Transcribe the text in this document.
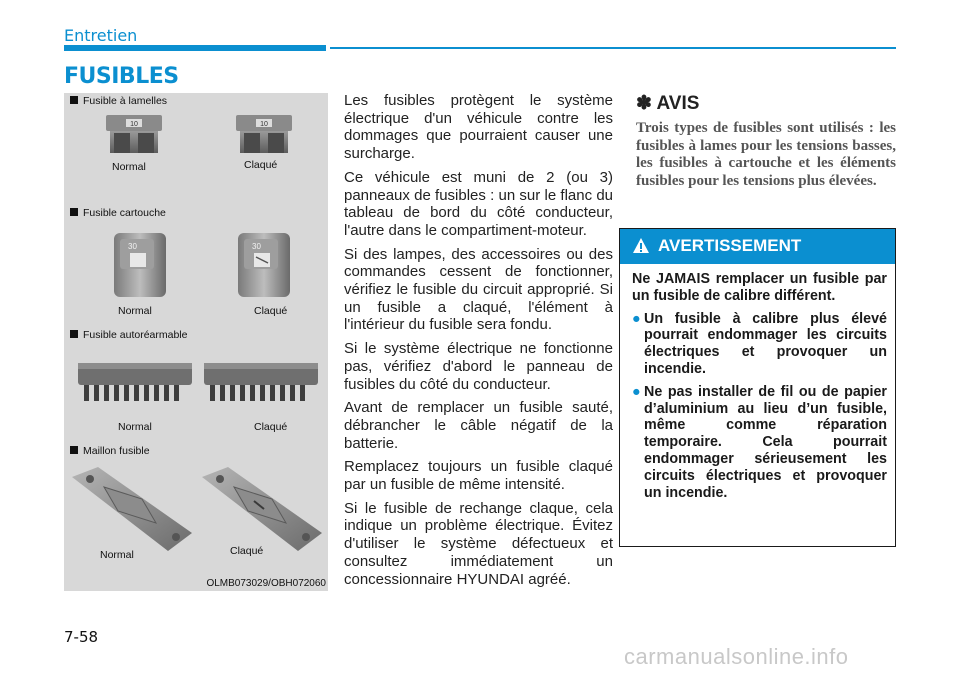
Entretien
FUSIBLES
Fusible à lamelles
10
Normal
10
Claqué
Fusible cartouche
30
Normal
30
Claqué
Fusible autoréarmable
Normal	Claqué
Maillon fusible
Normal	Claqué
OLMB073029/OBH072060

Les fusibles protègent le système électrique d'un véhicule contre les dommages que pourraient causer une surcharge.

Ce véhicule est muni de 2 (ou 3) panneaux de fusibles : un sur le flanc du tableau de bord du côté conducteur, l'autre dans le compartiment-moteur.

Si des lampes, des accessoires ou des commandes cessent de fonctionner, vérifiez le fusible du circuit approprié. Si un fusible a claqué, l'élément à l'intérieur du fusible sera fondu.

Si le système électrique ne fonctionne pas, vérifiez d'abord le panneau de fusibles du côté du conducteur.

Avant de remplacer un fusible sauté, débrancher le câble négatif de la batterie.

Remplacez toujours un fusible claqué par un fusible de même intensité.

Si le fusible de rechange claque, cela indique un problème électrique. Évitez d'utiliser le système défectueux et consultez immédiatement un concessionnaire HYUNDAI agréé.

✽ AVIS
Trois types de fusibles sont utilisés : les fusibles à lames pour les tensions basses, les fusibles à cartouche et les éléments fusibles pour les tensions plus élevées.
AVERTISSEMENT

Ne JAMAIS remplacer un fusible par un fusible de calibre différent.

● Un fusible à calibre plus élevé pourrait endommager les circuits électriques et provoquer un incendie.
● Ne pas installer de fil ou de papier d’aluminium au lieu d’un fusible, même comme réparation temporaire. Cela pourrait endommager sérieusement les circuits électriques et provoquer un incendie.
7-58
carmanualsonline.info
